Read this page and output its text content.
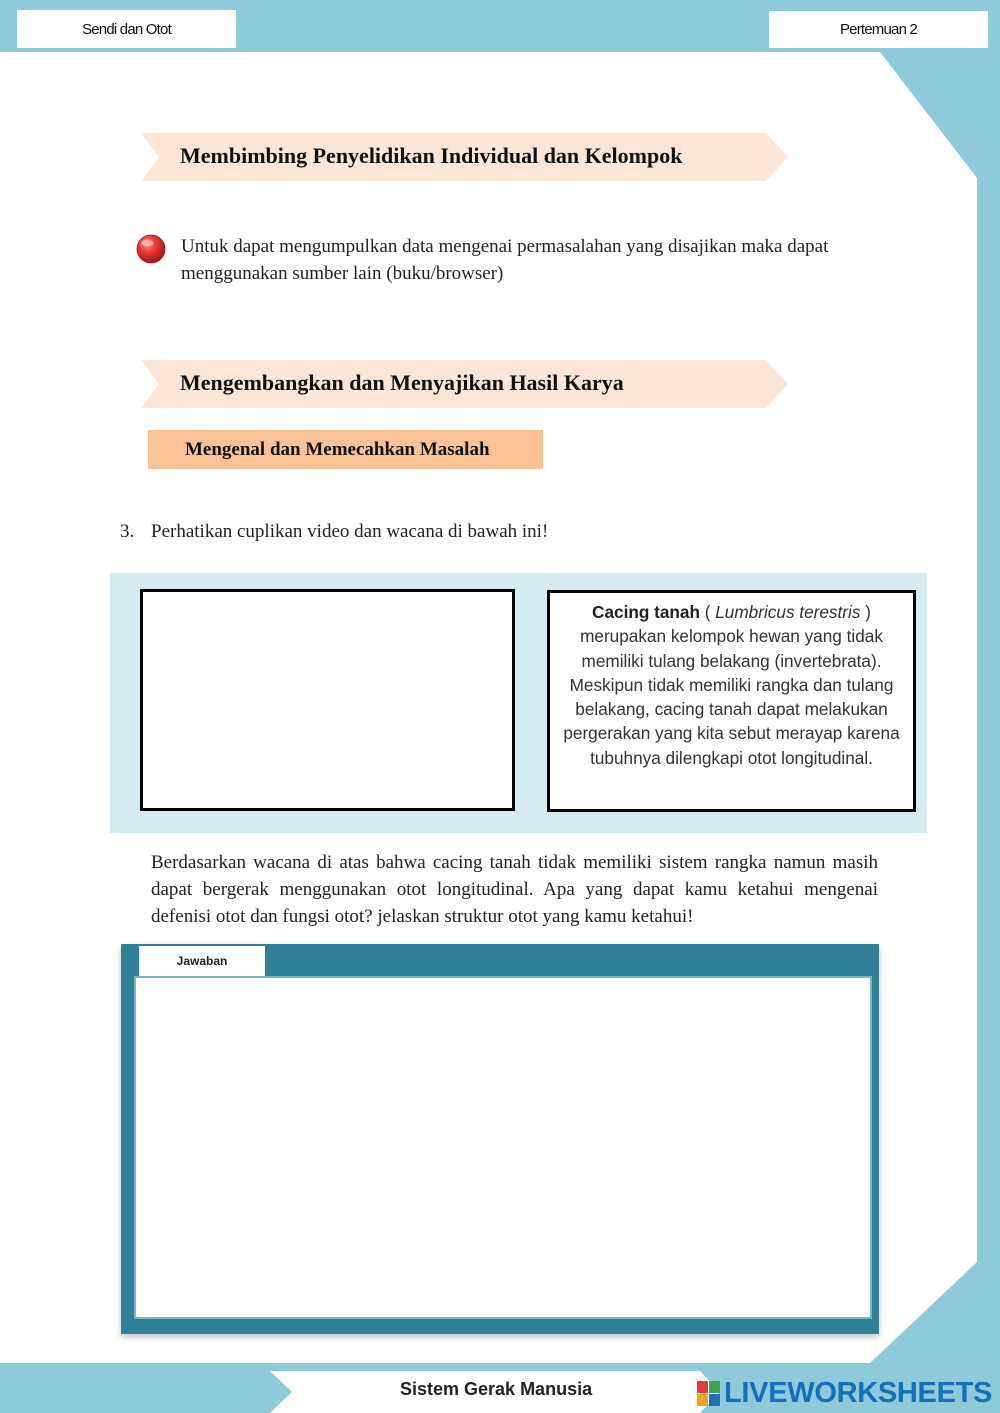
Sendi dan Otot	Pertemuan 2
Membimbing Penyelidikan Individual dan Kelompok
Untuk dapat mengumpulkan data mengenai permasalahan yang disajikan maka dapat menggunakan sumber lain (buku/browser)
Mengembangkan dan Menyajikan Hasil Karya
Mengenal dan Memecahkan Masalah
3. Perhatikan cuplikan video dan wacana di bawah ini!
Cacing tanah ( Lumbricus terestris ) merupakan kelompok hewan yang tidak memiliki tulang belakang (invertebrata). Meskipun tidak memiliki rangka dan tulang belakang, cacing tanah dapat melakukan pergerakan yang kita sebut merayap karena tubuhnya dilengkapi otot longitudinal.
Berdasarkan wacana di atas bahwa cacing tanah tidak memiliki sistem rangka namun masih dapat bergerak menggunakan otot longitudinal. Apa yang dapat kamu ketahui mengenai defenisi otot dan fungsi otot? jelaskan struktur otot yang kamu ketahui!
Jawaban
Sistem Gerak Manusia	LIVEWORKSHEETS
